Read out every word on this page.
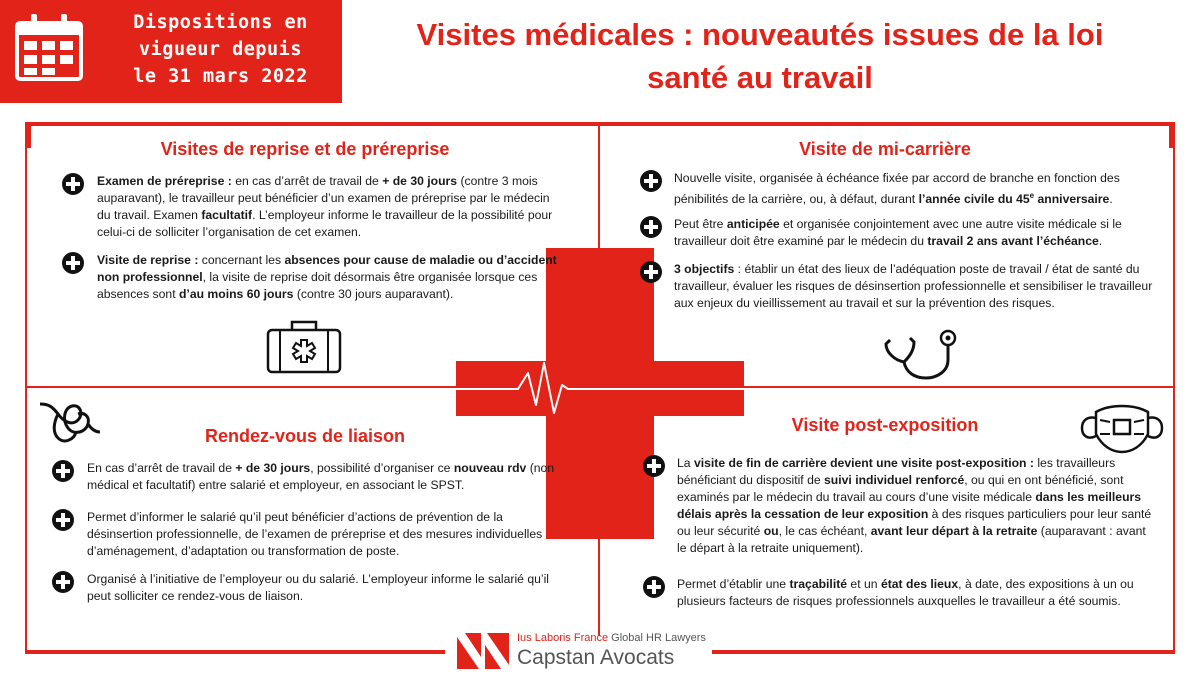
Dispositions en
vigueur depuis
le 31 mars 2022
Visites médicales : nouveautés issues de la loi
santé au travail
Visites de reprise et de préreprise	Visite de mi-carrière
Rendez-vous de liaison
Visite post-exposition
Examen de préreprise : en cas d’arrêt de travail de + de 30 jours (contre 3 mois auparavant), le travailleur peut bénéficier d’un examen de préreprise par le médecin du travail. Examen facultatif. L’employeur informe le travailleur de la possibilité pour celui-ci de solliciter l’organisation de cet examen.
Visite de reprise : concernant les absences pour cause de maladie ou d’accident non professionnel, la visite de reprise doit désormais être organisée lorsque ces absences sont d’au moins 60 jours (contre 30 jours auparavant).
Nouvelle visite, organisée à échéance fixée par accord de branche en fonction des pénibilités de la carrière, ou, à défaut, durant l’année civile du 45e anniversaire.
Peut être anticipée et organisée conjointement avec une autre visite médicale si le travailleur doit être examiné par le médecin du travail 2 ans avant l’échéance.
3 objectifs : établir un état des lieux de l’adéquation poste de travail / état de santé du travailleur, évaluer les risques de désinsertion professionnelle et sensibiliser le travailleur aux enjeux du vieillissement au travail et sur la prévention des risques.
En cas d’arrêt de travail de + de 30 jours, possibilité d’organiser ce nouveau rdv (non médical et facultatif) entre salarié et employeur, en associant le SPST.
Permet d’informer le salarié qu’il peut bénéficier d’actions de prévention de la désinsertion professionnelle, de l’examen de préreprise et des mesures individuelles d’aménagement, d’adaptation ou transformation de poste.
Organisé à l’initiative de l’employeur ou du salarié. L’employeur informe le salarié qu’il peut solliciter ce rendez-vous de liaison.
La visite de fin de carrière devient une visite post-exposition : les travailleurs bénéficiant du dispositif de suivi individuel renforcé, ou qui en ont bénéficié, sont examinés par le médecin du travail au cours d’une visite médicale dans les meilleurs délais après la cessation de leur exposition à des risques particuliers pour leur santé ou leur sécurité ou, le cas échéant, avant leur départ à la retraite (auparavant : avant le départ à la retraite uniquement).
Permet d’établir une traçabilité et un état des lieux, à date, des expositions à un ou plusieurs facteurs de risques professionnels auxquelles le travailleur a été soumis.
Ius Laboris France Global HR Lawyers
Capstan Avocats
